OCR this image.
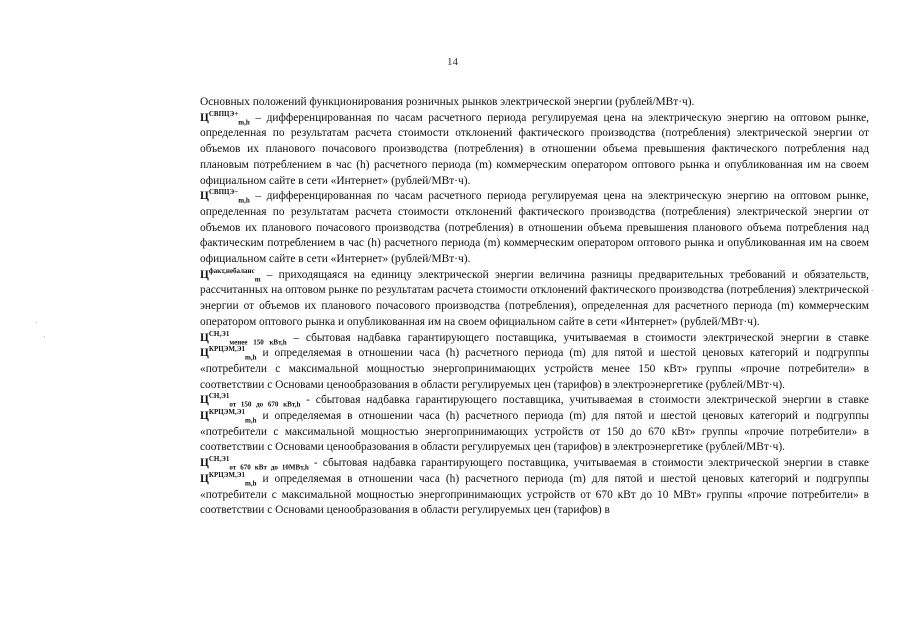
14

Основных положений функционирования розничных рынков электрической энергии (рублей/МВт·ч).

$Ц^{СВПЦЭ+}_{m,h}$ – дифференцированная по часам расчетного периода регулируемая цена на электрическую энергию на оптовом рынке, определенная по результатам расчета стоимости отклонений фактического производства (потребления) электрической энергии от объемов их планового почасового производства (потребления) в отношении объема превышения фактического потребления над плановым потреблением в час (h) расчетного периода (m) коммерческим оператором оптового рынка и опубликованная им на своем официальном сайте в сети «Интернет» (рублей/МВт·ч).

$Ц^{СВПЦЭ-}_{m,h}$ – дифференцированная по часам расчетного периода регулируемая цена на электрическую энергию на оптовом рынке, определенная по результатам расчета стоимости отклонений фактического производства (потребления) электрической энергии от объемов их планового почасового производства (потребления) в отношении объема превышения планового объема потребления над фактическим потреблением в час (h) расчетного периода (m) коммерческим оператором оптового рынка и опубликованная им на своем официальном сайте в сети «Интернет» (рублей/МВт·ч).

$Ц^{факт,небаланс}_m$ – приходящаяся на единицу электрической энергии величина разницы предварительных требований и обязательств, рассчитанных на оптовом рынке по результатам расчета стоимости отклонений фактического производства (потребления) электрической энергии от объемов их планового почасового производства (потребления), определенная для расчетного периода (m) коммерческим оператором оптового рынка и опубликованная им на своем официальном сайте в сети «Интернет» (рублей/МВт·ч).

$Ц^{СН,Э1}_{менее 150 кВт,h}$ – сбытовая надбавка гарантирующего поставщика, учитываемая в стоимости электрической энергии в ставке $Ц^{КРЦЭМ,Э1}_{m,h}$ и определяемая в отношении часа (h) расчетного периода (m) для пятой и шестой ценовых категорий и подгруппы «потребители с максимальной мощностью энергопринимающих устройств менее 150 кВт» группы «прочие потребители» в соответствии с Основами ценообразования в области регулируемых цен (тарифов) в электроэнергетике (рублей/МВт·ч).

$Ц^{СН,Э1}_{от 150 до 670 кВт,h}$ - сбытовая надбавка гарантирующего поставщика, учитываемая в стоимости электрической энергии в ставке $Ц^{КРЦЭМ,Э1}_{m,h}$ и определяемая в отношении часа (h) расчетного периода (m) для пятой и шестой ценовых категорий и подгруппы «потребители с максимальной мощностью энергопринимающих устройств от 150 до 670 кВт» группы «прочие потребители» в соответствии с Основами ценообразования в области регулируемых цен (тарифов) в электроэнергетике (рублей/МВт·ч).

$Ц^{СН,Э1}_{от 670 кВт до 10МВт,h}$ - сбытовая надбавка гарантирующего поставщика, учитываемая в стоимости электрической энергии в ставке $Ц^{КРЦЭМ,Э1}_{m,h}$ и определяемая в отношении часа (h) расчетного периода (m) для пятой и шестой ценовых категорий и подгруппы «потребители с максимальной мощностью энергопринимающих устройств от 670 кВт до 10 МВт» группы «прочие потребители» в соответствии с Основами ценообразования в области регулируемых цен (тарифов) в
